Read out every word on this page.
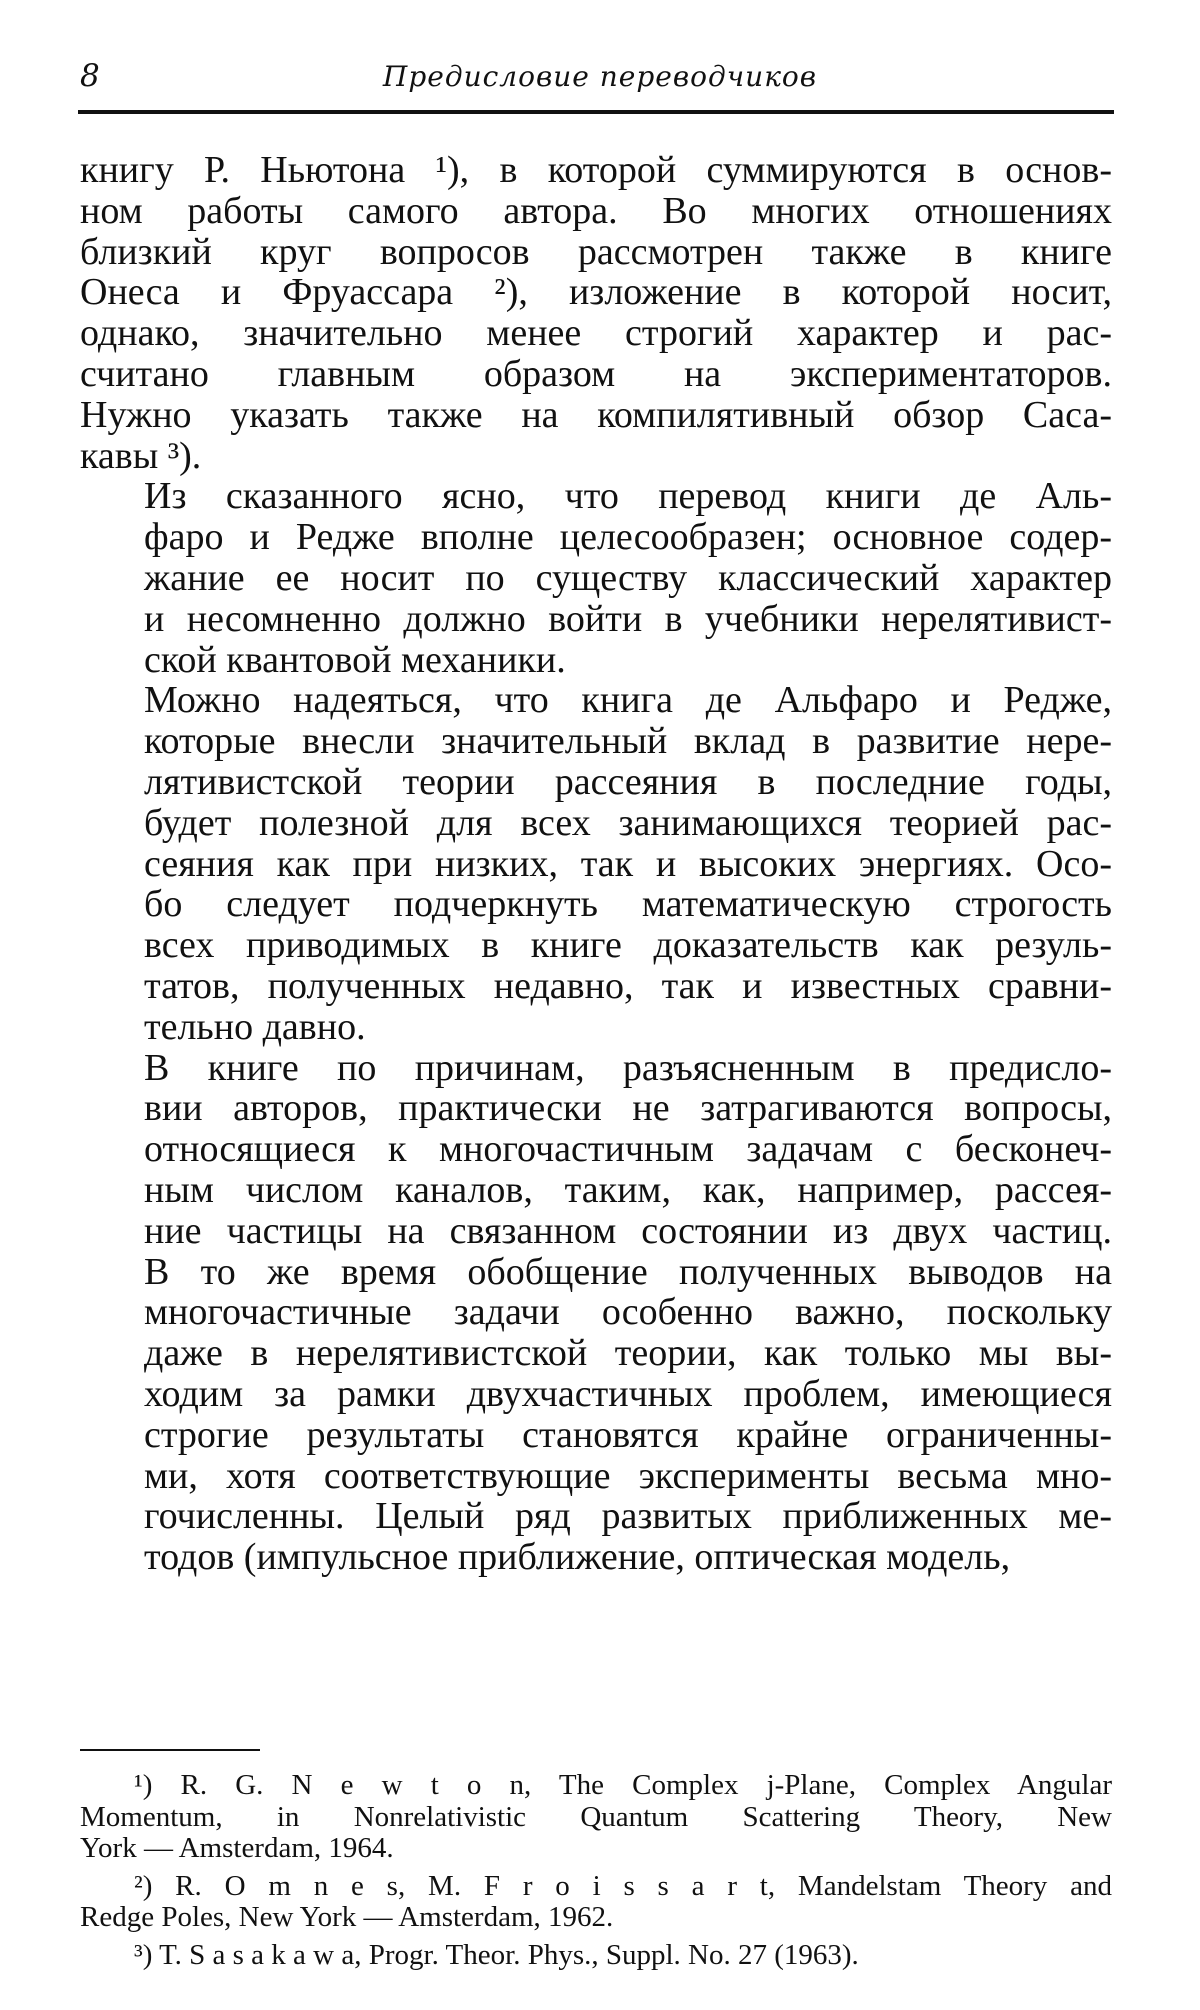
8	Предисловие переводчиков
книгу Р. Ньютона ¹), в которой суммируются в основ-
ном работы самого автора. Во многих отношениях
близкий круг вопросов рассмотрен также в книге
Онеса и Фруассара ²), изложение в которой носит,
однако, значительно менее строгий характер и рас-
считано главным образом на экспериментаторов.
Нужно указать также на компилятивный обзор Саса-
кавы ³).
Из сказанного ясно, что перевод книги де Аль-
фаро и Редже вполне целесообразен; основное содер-
жание ее носит по существу классический характер
и несомненно должно войти в учебники нерелятивист-
ской квантовой механики.
Можно надеяться, что книга де Альфаро и Редже,
которые внесли значительный вклад в развитие нере-
лятивистской теории рассеяния в последние годы,
будет полезной для всех занимающихся теорией рас-
сеяния как при низких, так и высоких энергиях. Осо-
бо следует подчеркнуть математическую строгость
всех приводимых в книге доказательств как резуль-
татов, полученных недавно, так и известных сравни-
тельно давно.
В книге по причинам, разъясненным в предисло-
вии авторов, практически не затрагиваются вопросы,
относящиеся к многочастичным задачам с бесконеч-
ным числом каналов, таким, как, например, рассея-
ние частицы на связанном состоянии из двух частиц.
В то же время обобщение полученных выводов на
многочастичные задачи особенно важно, поскольку
даже в нерелятивистской теории, как только мы вы-
ходим за рамки двухчастичных проблем, имеющиеся
строгие результаты становятся крайне ограниченны-
ми, хотя соответствующие эксперименты весьма мно-
гочисленны. Целый ряд развитых приближенных ме-
тодов (импульсное приближение, оптическая модель,
¹) R. G. N e w t o n, The Complex j-Plane, Complex Angular
Momentum, in Nonrelativistic Quantum Scattering Theory, New
York — Amsterdam, 1964.
²) R. O m n e s, M. F r o i s s a r t, Mandelstam Theory and
Redge Poles, New York — Amsterdam, 1962.
³) T. S a s a k a w a, Progr. Theor. Phys., Suppl. No. 27 (1963).
